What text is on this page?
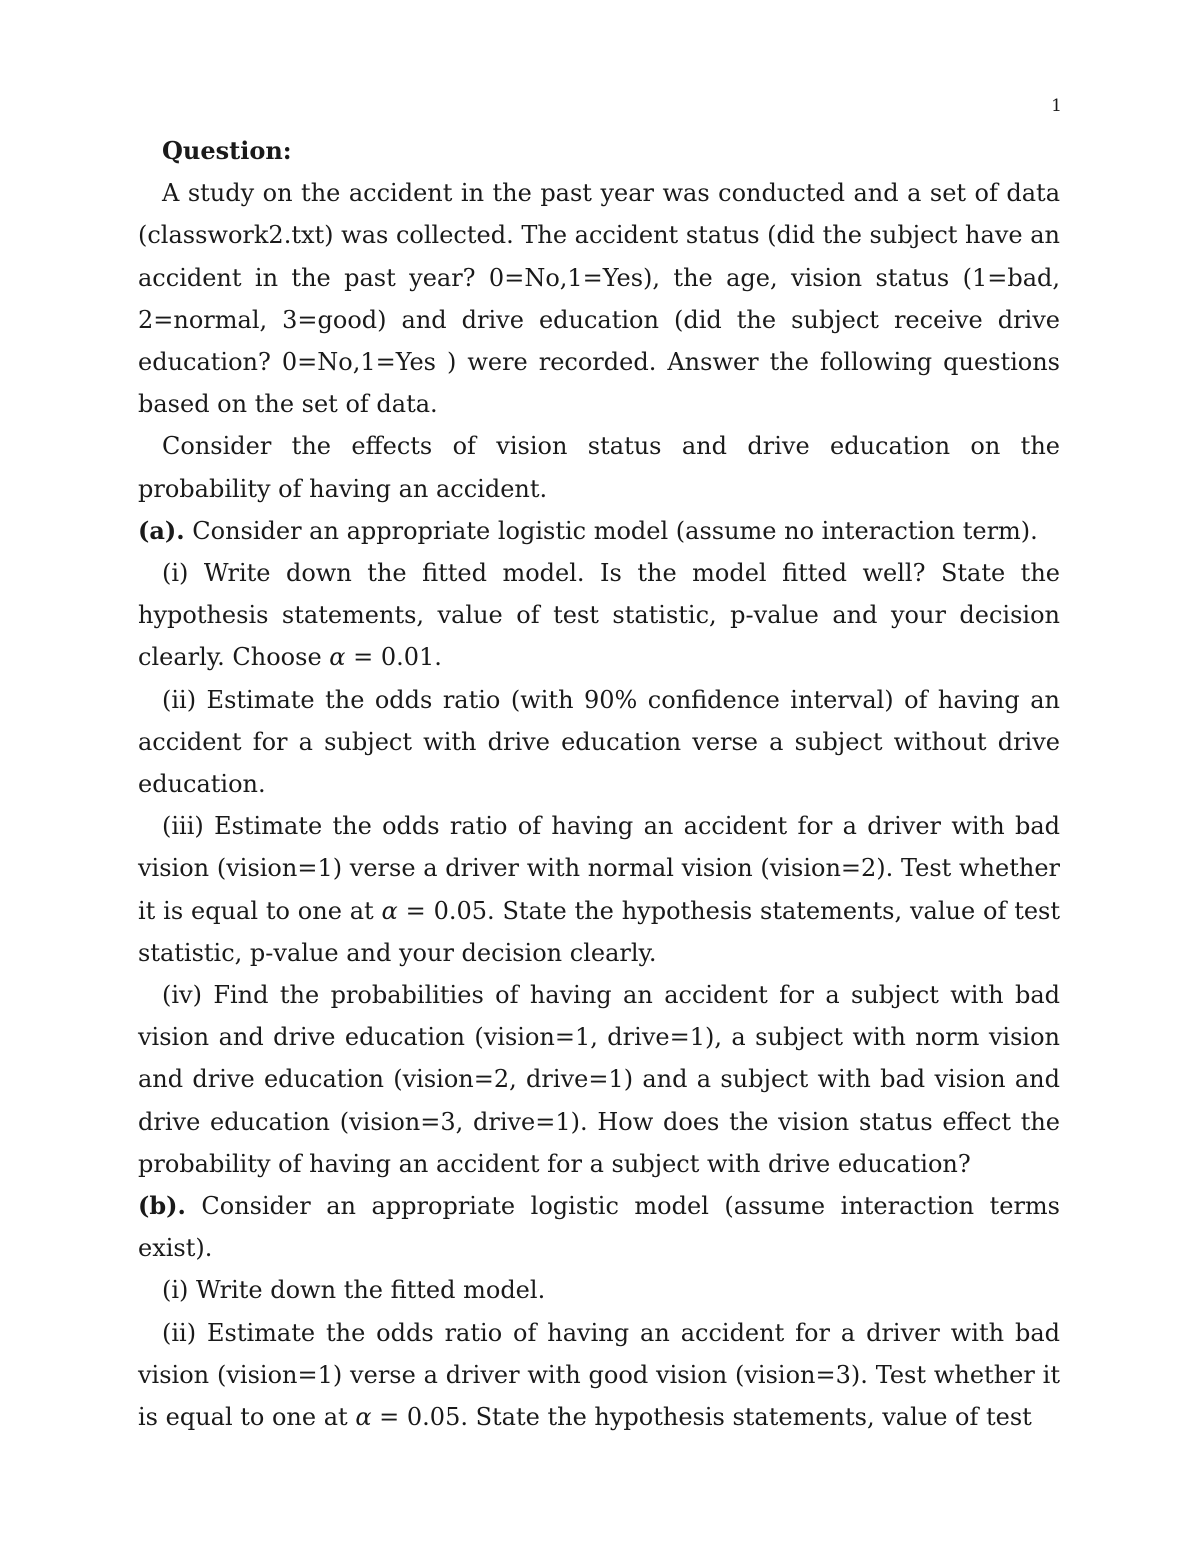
1
Question:

A study on the accident in the past year was conducted and a set of data (classwork2.txt) was collected. The accident status (did the subject have an accident in the past year? 0=No,1=Yes), the age, vision status (1=bad, 2=normal, 3=good) and drive education (did the subject receive drive education? 0=No,1=Yes ) were recorded. Answer the following questions based on the set of data.

Consider the effects of vision status and drive education on the probability of having an accident.

(a). Consider an appropriate logistic model (assume no interaction term).

(i) Write down the fitted model. Is the model fitted well? State the hypothesis statements, value of test statistic, p-value and your decision clearly. Choose α = 0.01.

(ii) Estimate the odds ratio (with 90% confidence interval) of having an accident for a subject with drive education verse a subject without drive education.

(iii) Estimate the odds ratio of having an accident for a driver with bad vision (vision=1) verse a driver with normal vision (vision=2). Test whether it is equal to one at α = 0.05. State the hypothesis statements, value of test statistic, p-value and your decision clearly.

(iv) Find the probabilities of having an accident for a subject with bad vision and drive education (vision=1, drive=1), a subject with norm vision and drive education (vision=2, drive=1) and a subject with bad vision and drive education (vision=3, drive=1). How does the vision status effect the probability of having an accident for a subject with drive education?

(b). Consider an appropriate logistic model (assume interaction terms exist).

(i) Write down the fitted model.

(ii) Estimate the odds ratio of having an accident for a driver with bad vision (vision=1) verse a driver with good vision (vision=3). Test whether it is equal to one at α = 0.05. State the hypothesis statements, value of test
